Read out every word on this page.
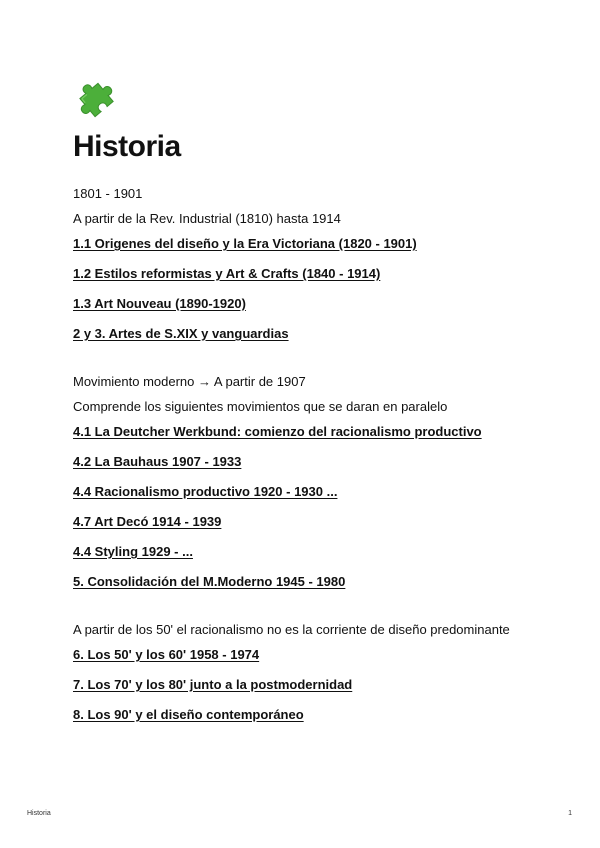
Historia

1801 - 1901

A partir de la Rev. Industrial (1810) hasta 1914

1.1 Origenes del diseño y la Era Victoriana (1820 - 1901)
1.2 Estilos reformistas y Art & Crafts (1840 - 1914)
1.3 Art Nouveau (1890-1920)
2 y 3. Artes de S.XIX y vanguardias

Movimiento moderno → A partir de 1907

Comprende los siguientes movimientos que se daran en paralelo

4.1 La Deutcher Werkbund: comienzo del racionalismo productivo
4.2 La Bauhaus 1907 - 1933
4.4 Racionalismo productivo 1920 - 1930 ...
4.7 Art Decó 1914 - 1939
4.4 Styling 1929 - ...
5. Consolidación del M.Moderno 1945 - 1980

A partir de los 50' el racionalismo no es la corriente de diseño predominante

6. Los 50' y los 60' 1958 - 1974
7. Los 70' y los 80' junto a la postmodernidad
8. Los 90' y el diseño contemporáneo
Historia	1
